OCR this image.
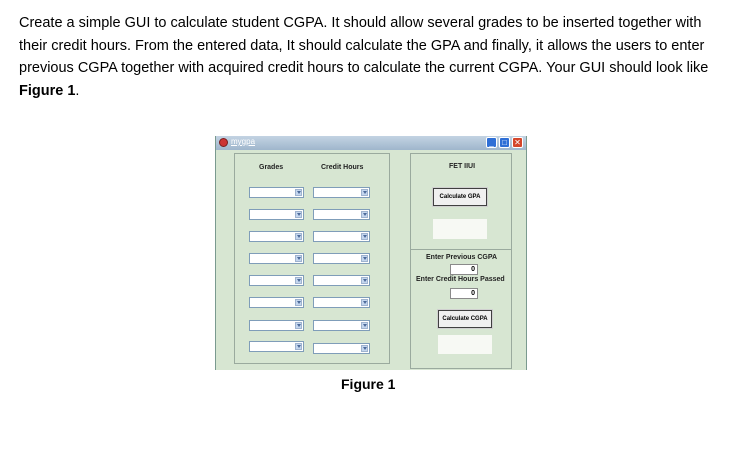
Create a simple GUI to calculate student CGPA. It should allow several grades to be inserted together with their credit hours. From the entered data, It should calculate the GPA and finally, it allows the users to enter previous CGPA together with acquired credit hours to calculate the current CGPA. Your GUI should look like Figure 1.
mygpa	_	□ ✕
Grades	Credit Hours	FET IIUI
Calculate GPA
Enter Previous CGPA
0
Enter Credit Hours Passed
0
Calculate CGPA
Figure 1
